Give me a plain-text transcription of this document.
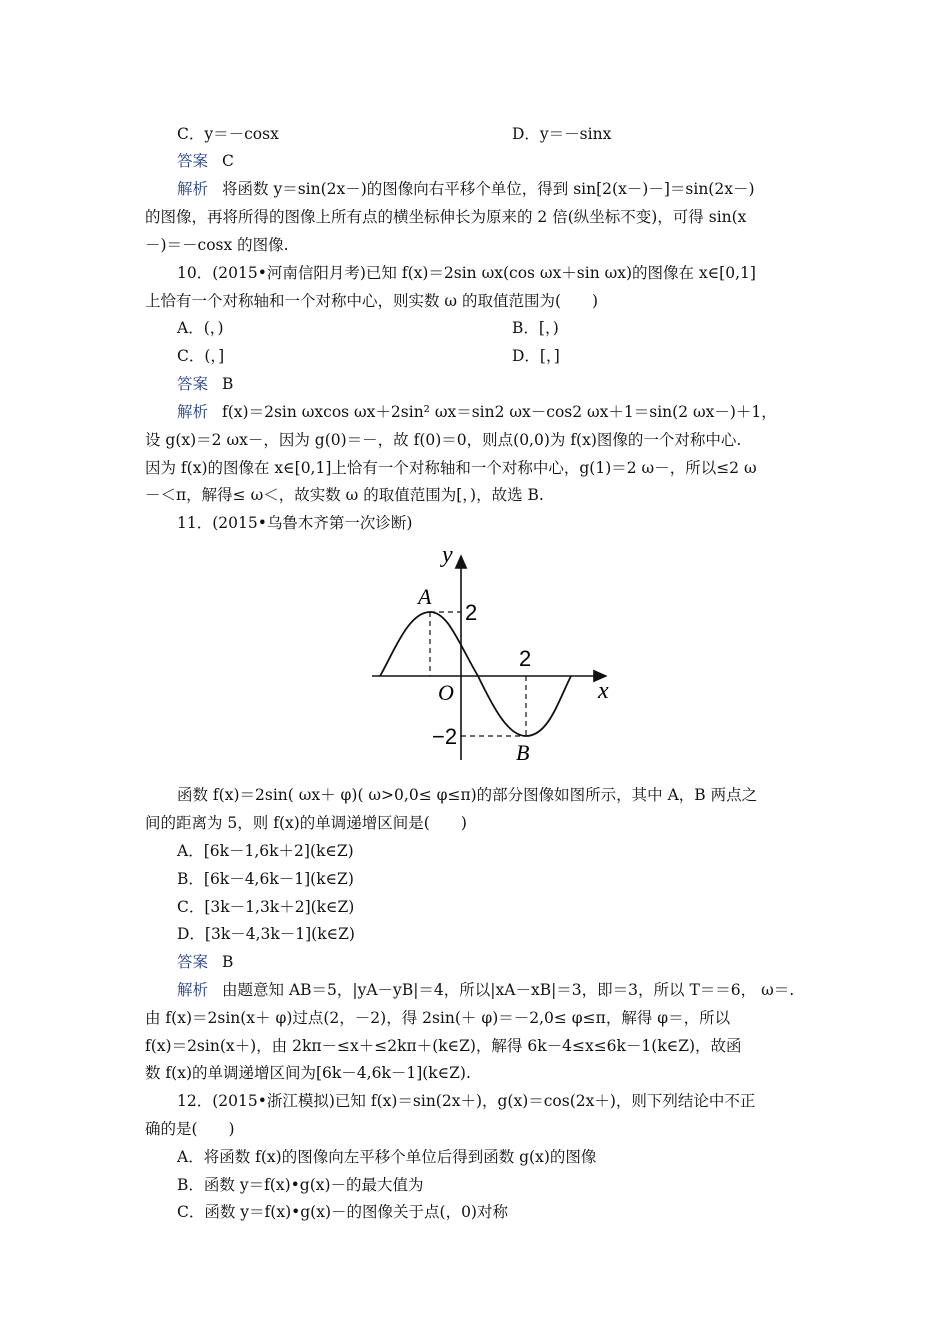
C．y＝－cosx	D．y＝－sinx
答案 C
解析 将函数 y＝sin(2x－)的图像向右平移个单位，得到 sin[2(x－)－]＝sin(2x－)
的图像，再将所得的图像上所有点的横坐标伸长为原来的 2 倍(纵坐标不变)，可得 sin(x
－)＝－cosx 的图像.
10．(2015•河南信阳月考)已知 f(x)＝2sin ωx(cos ωx＋sin ωx)的图像在 x∈[0,1]
上恰有一个对称轴和一个对称中心，则实数 ω 的取值范围为(　　)
A．(，)	B．[，)
C．(，]	D．[，]
答案 B
解析 f(x)＝2sin ωxcos ωx＋2sin² ωx＝sin2 ωx－cos2 ωx＋1＝sin(2 ωx－)＋1，
设 g(x)＝2 ωx－，因为 g(0)＝－，故 f(0)＝0，则点(0,0)为 f(x)图像的一个对称中心.
因为 f(x)的图像在 x∈[0,1]上恰有一个对称轴和一个对称中心，g(1)＝2 ω－，所以≤2 ω
－＜π，解得≤ ω＜，故实数 ω 的取值范围为[，)，故选 B.
11．(2015•乌鲁木齐第一次诊断)
y
x
O
A
B
2
−2
2
函数 f(x)＝2sin( ωx＋ φ)( ω>0,0≤ φ≤π)的部分图像如图所示，其中 A，B 两点之
间的距离为 5，则 f(x)的单调递增区间是(　　)
A．[6k－1,6k＋2](k∈Z)
B．[6k－4,6k－1](k∈Z)
C．[3k－1,3k＋2](k∈Z)
D．[3k－4,3k－1](k∈Z)
答案 B
解析 由题意知 AB＝5，|yA－yB|＝4，所以|xA－xB|＝3，即＝3，所以 T＝＝6， ω＝.
由 f(x)＝2sin(x＋ φ)过点(2，－2)，得 2sin(＋ φ)＝－2,0≤ φ≤π，解得 φ＝，所以
f(x)＝2sin(x＋)，由 2kπ－≤x＋≤2kπ＋(k∈Z)，解得 6k－4≤x≤6k－1(k∈Z)，故函
数 f(x)的单调递增区间为[6k－4,6k－1](k∈Z).
12．(2015•浙江模拟)已知 f(x)＝sin(2x＋)，g(x)＝cos(2x＋)，则下列结论中不正
确的是(　　)
A．将函数 f(x)的图像向左平移个单位后得到函数 g(x)的图像
B．函数 y＝f(x)•g(x)－的最大值为
C．函数 y＝f(x)•g(x)－的图像关于点(，0)对称
